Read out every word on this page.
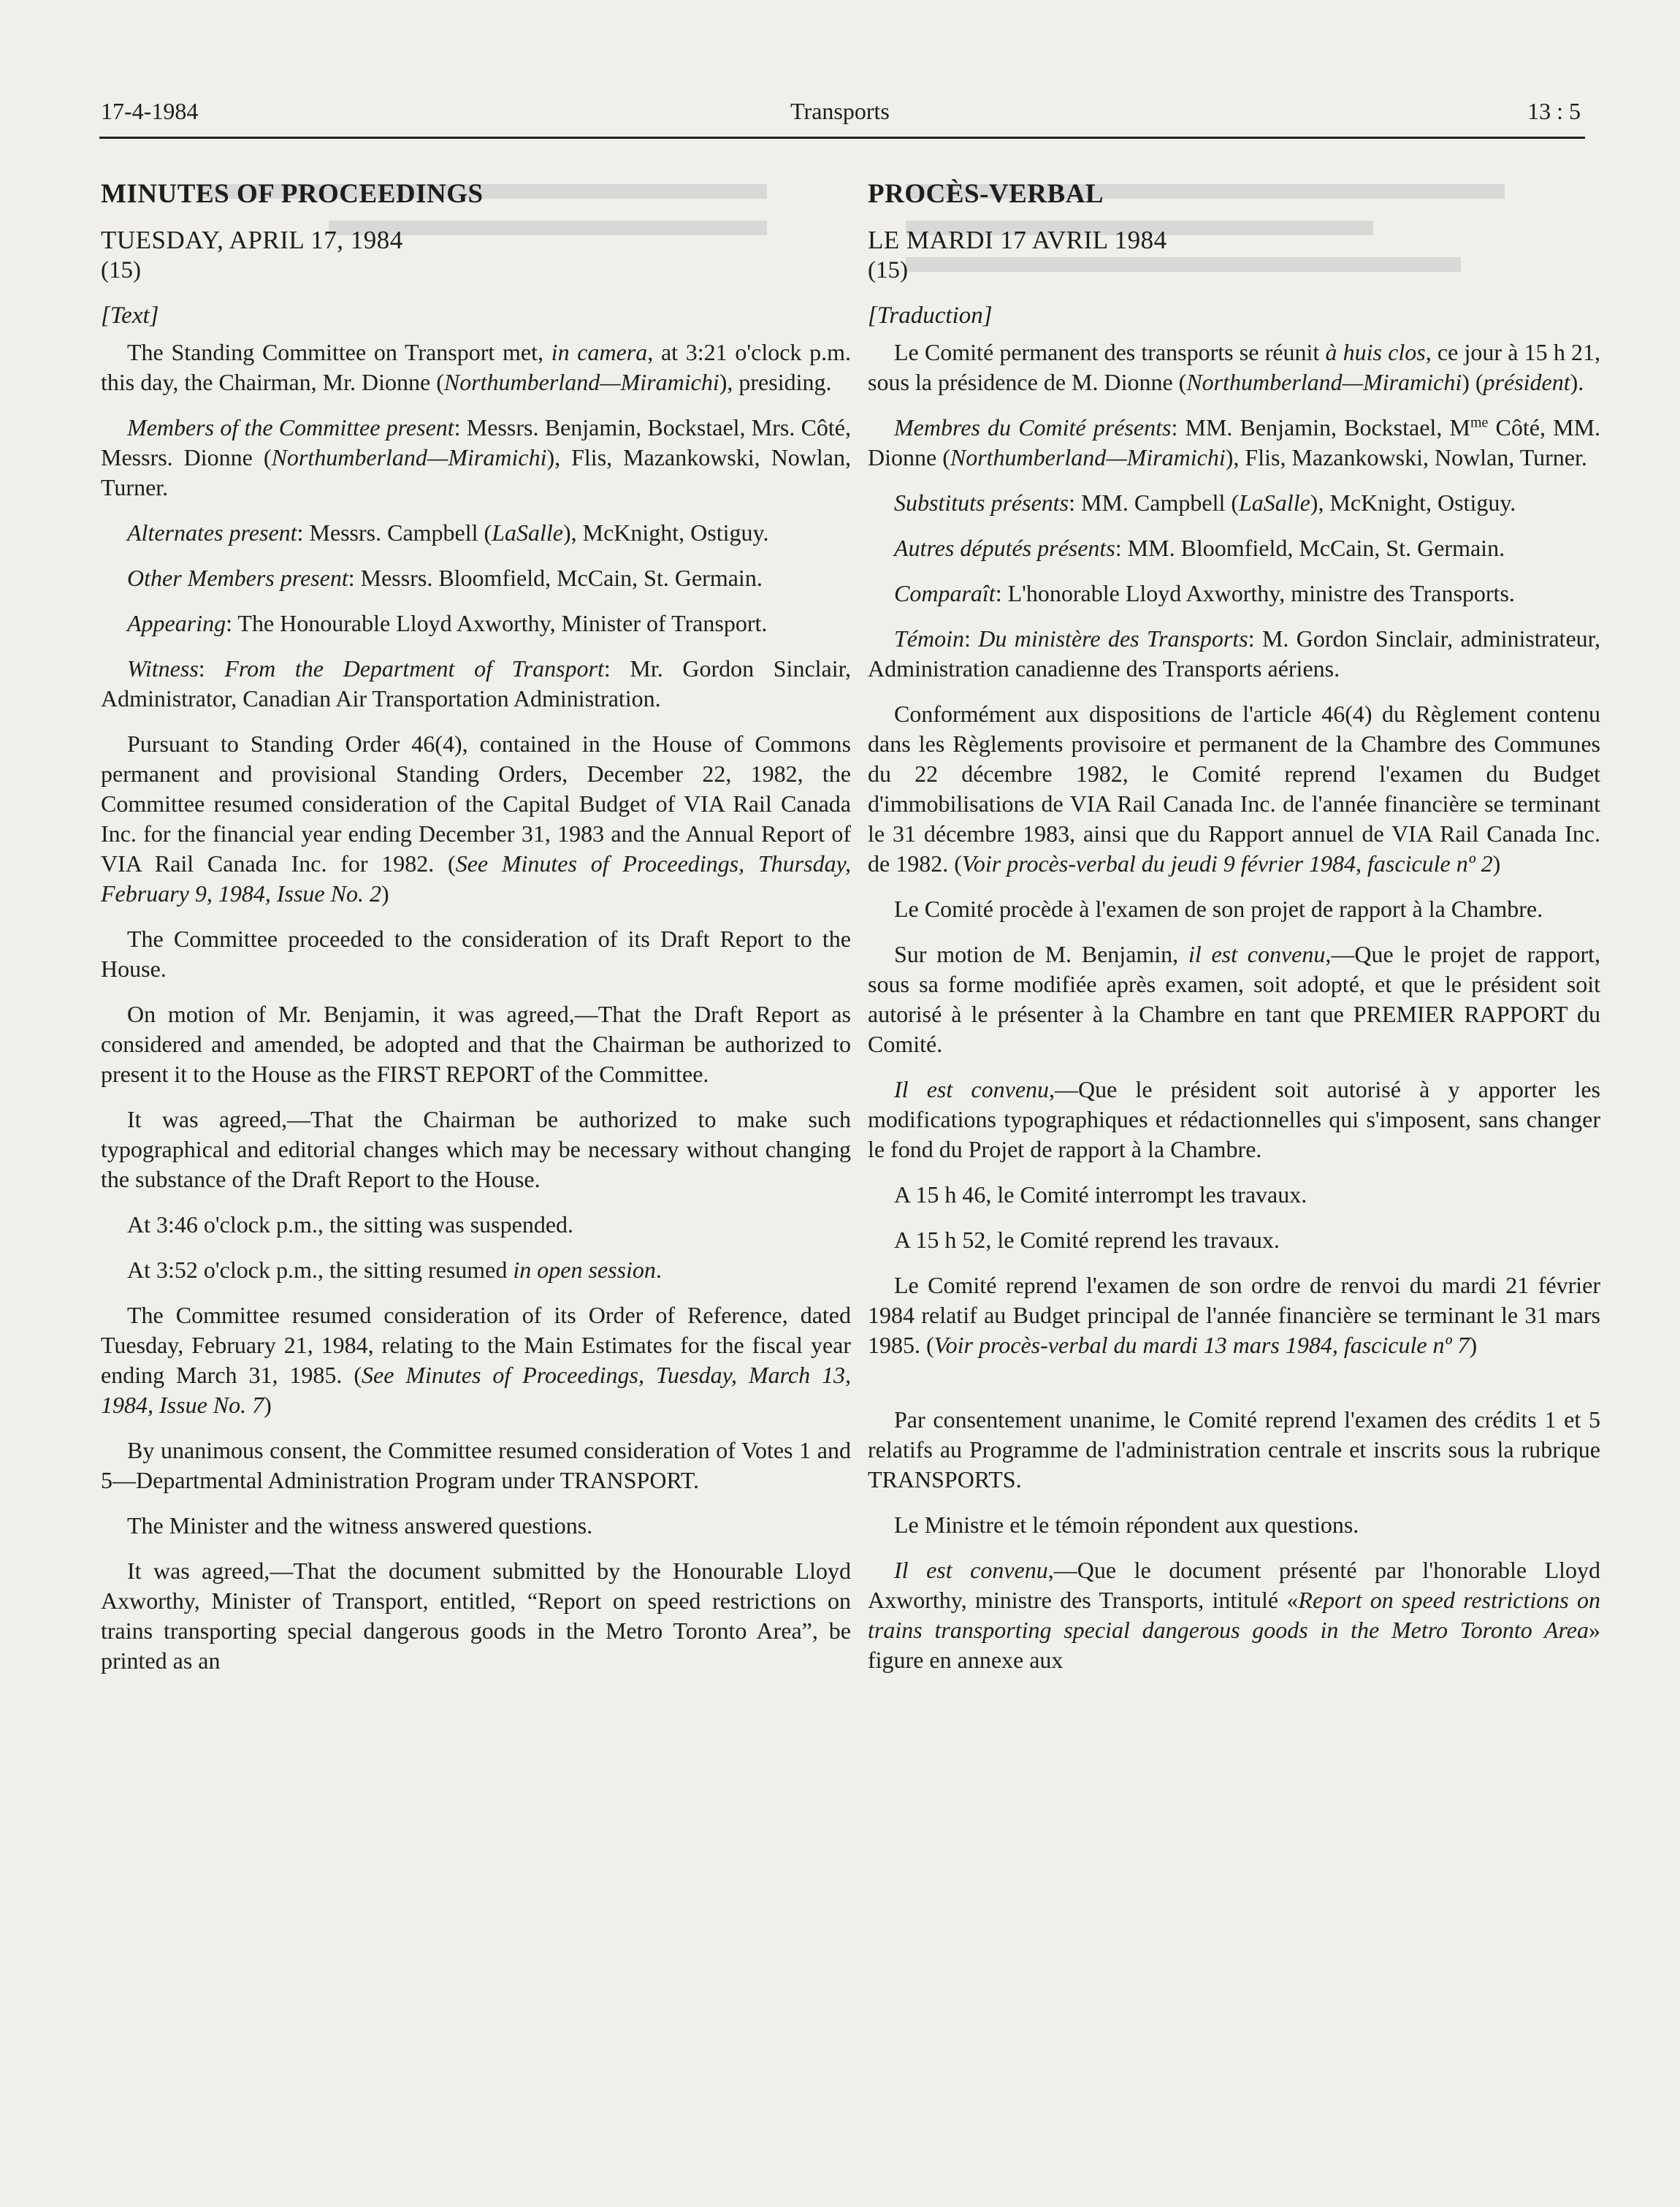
17-4-1984	Transports	13 : 5
MINUTES OF PROCEEDINGS
TUESDAY, APRIL 17, 1984
(15)
[Text]

The Standing Committee on Transport met, in camera, at 3:21 o'clock p.m. this day, the Chairman, Mr. Dionne (Northumberland—Miramichi), presiding.

Members of the Committee present: Messrs. Benjamin, Bockstael, Mrs. Côté, Messrs. Dionne (Northumberland—Miramichi), Flis, Mazankowski, Nowlan, Turner.

Alternates present: Messrs. Campbell (LaSalle), McKnight, Ostiguy.

Other Members present: Messrs. Bloomfield, McCain, St. Germain.

Appearing: The Honourable Lloyd Axworthy, Minister of Transport.

Witness: From the Department of Transport: Mr. Gordon Sinclair, Administrator, Canadian Air Transportation Administration.

Pursuant to Standing Order 46(4), contained in the House of Commons permanent and provisional Standing Orders, December 22, 1982, the Committee resumed consideration of the Capital Budget of VIA Rail Canada Inc. for the financial year ending December 31, 1983 and the Annual Report of VIA Rail Canada Inc. for 1982. (See Minutes of Proceedings, Thursday, February 9, 1984, Issue No. 2)

The Committee proceeded to the consideration of its Draft Report to the House.

On motion of Mr. Benjamin, it was agreed,—That the Draft Report as considered and amended, be adopted and that the Chairman be authorized to present it to the House as the FIRST REPORT of the Committee.

It was agreed,—That the Chairman be authorized to make such typographical and editorial changes which may be necessary without changing the substance of the Draft Report to the House.

At 3:46 o'clock p.m., the sitting was suspended.

At 3:52 o'clock p.m., the sitting resumed in open session.

The Committee resumed consideration of its Order of Reference, dated Tuesday, February 21, 1984, relating to the Main Estimates for the fiscal year ending March 31, 1985. (See Minutes of Proceedings, Tuesday, March 13, 1984, Issue No. 7)

By unanimous consent, the Committee resumed consideration of Votes 1 and 5—Departmental Administration Program under TRANSPORT.

The Minister and the witness answered questions.

It was agreed,—That the document submitted by the Honourable Lloyd Axworthy, Minister of Transport, entitled, “Report on speed restrictions on trains transporting special dangerous goods in the Metro Toronto Area”, be printed as an

PROCÈS-VERBAL
LE MARDI 17 AVRIL 1984
(15)
[Traduction]

Le Comité permanent des transports se réunit à huis clos, ce jour à 15 h 21, sous la présidence de M. Dionne (Northumberland—Miramichi) (président).

Membres du Comité présents: MM. Benjamin, Bockstael, $M^{me}$ Côté, MM. Dionne (Northumberland—Miramichi), Flis, Mazankowski, Nowlan, Turner.

Substituts présents: MM. Campbell (LaSalle), McKnight, Ostiguy.

Autres députés présents: MM. Bloomfield, McCain, St. Germain.

Comparaît: L'honorable Lloyd Axworthy, ministre des Transports.

Témoin: Du ministère des Transports: M. Gordon Sinclair, administrateur, Administration canadienne des Transports aériens.

Conformément aux dispositions de l'article 46(4) du Règlement contenu dans les Règlements provisoire et permanent de la Chambre des Communes du 22 décembre 1982, le Comité reprend l'examen du Budget d'immobilisations de VIA Rail Canada Inc. de l'année financière se terminant le 31 décembre 1983, ainsi que du Rapport annuel de VIA Rail Canada Inc. de 1982. (Voir procès-verbal du jeudi 9 février 1984, fascicule nº 2)

Le Comité procède à l'examen de son projet de rapport à la Chambre.

Sur motion de M. Benjamin, il est convenu,—Que le projet de rapport, sous sa forme modifiée après examen, soit adopté, et que le président soit autorisé à le présenter à la Chambre en tant que PREMIER RAPPORT du Comité.

Il est convenu,—Que le président soit autorisé à y apporter les modifications typographiques et rédactionnelles qui s'imposent, sans changer le fond du Projet de rapport à la Chambre.

A 15 h 46, le Comité interrompt les travaux.

A 15 h 52, le Comité reprend les travaux.

Le Comité reprend l'examen de son ordre de renvoi du mardi 21 février 1984 relatif au Budget principal de l'année financière se terminant le 31 mars 1985. (Voir procès-verbal du mardi 13 mars 1984, fascicule nº 7)

Par consentement unanime, le Comité reprend l'examen des crédits 1 et 5 relatifs au Programme de l'administration centrale et inscrits sous la rubrique TRANSPORTS.

Le Ministre et le témoin répondent aux questions.

Il est convenu,—Que le document présenté par l'honorable Lloyd Axworthy, ministre des Transports, intitulé «Report on speed restrictions on trains transporting special dangerous goods in the Metro Toronto Area» figure en annexe aux
